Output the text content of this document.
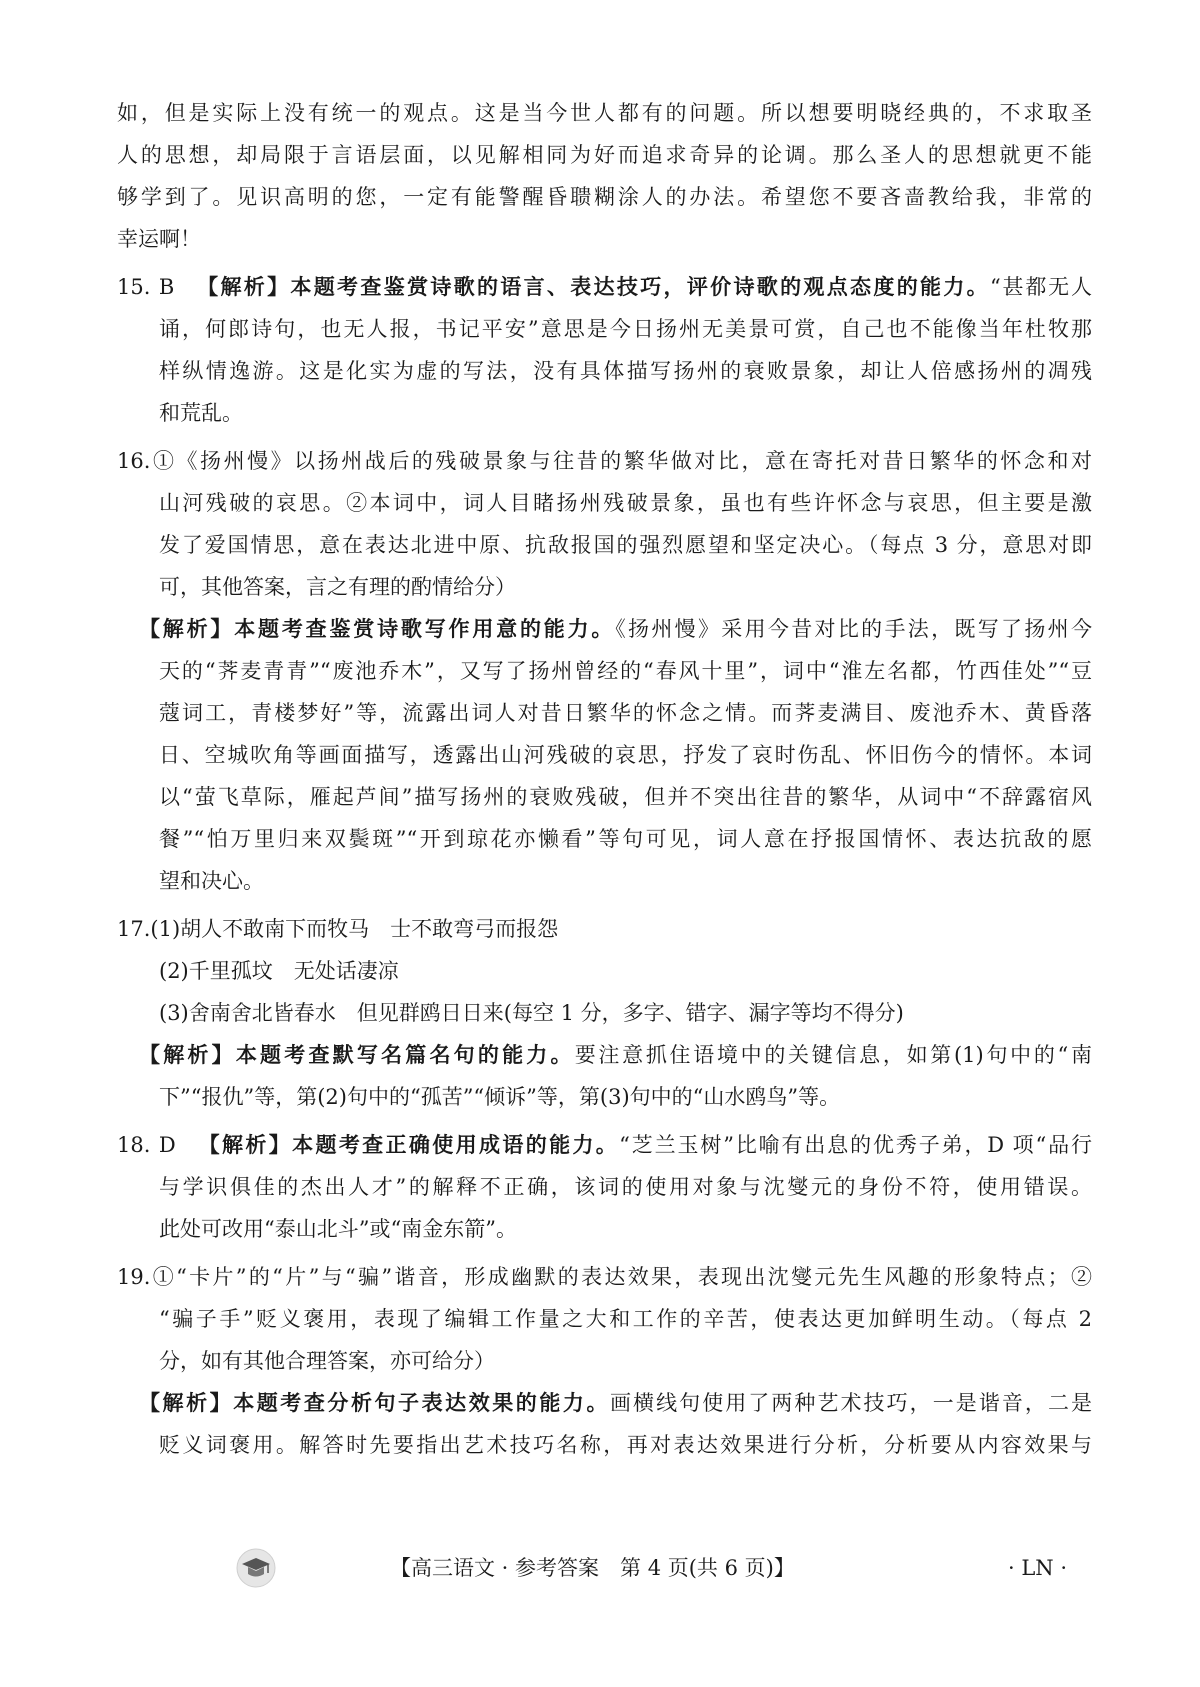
如，但是实际上没有统一的观点。这是当今世人都有的问题。所以想要明晓经典的，不求取圣
人的思想，却局限于言语层面，以见解相同为好而追求奇异的论调。那么圣人的思想就更不能
够学到了。见识高明的您，一定有能警醒昏聩糊涂人的办法。希望您不要吝啬教给我，非常的
幸运啊！
15. B  【解析】本题考查鉴赏诗歌的语言、表达技巧，评价诗歌的观点态度的能力。“甚都无人
诵，何郎诗句，也无人报，书记平安”意思是今日扬州无美景可赏，自己也不能像当年杜牧那
样纵情逸游。这是化实为虚的写法，没有具体描写扬州的衰败景象，却让人倍感扬州的凋残
和荒乱。
16.①《扬州慢》以扬州战后的残破景象与往昔的繁华做对比，意在寄托对昔日繁华的怀念和对
山河残破的哀思。②本词中，词人目睹扬州残破景象，虽也有些许怀念与哀思，但主要是激
发了爱国情思，意在表达北进中原、抗敌报国的强烈愿望和坚定决心。（每点 3 分，意思对即
可，其他答案，言之有理的酌情给分）
【解析】本题考查鉴赏诗歌写作用意的能力。《扬州慢》采用今昔对比的手法，既写了扬州今
天的“荠麦青青”“废池乔木”，又写了扬州曾经的“春风十里”，词中“淮左名都，竹西佳处”“豆
蔻词工，青楼梦好”等，流露出词人对昔日繁华的怀念之情。而荠麦满目、废池乔木、黄昏落
日、空城吹角等画面描写，透露出山河残破的哀思，抒发了哀时伤乱、怀旧伤今的情怀。本词
以“萤飞草际，雁起芦间”描写扬州的衰败残破，但并不突出往昔的繁华，从词中“不辞露宿风
餐”“怕万里归来双鬓斑”“开到琼花亦懒看”等句可见，词人意在抒报国情怀、表达抗敌的愿
望和决心。
17.(1)胡人不敢南下而牧马　士不敢弯弓而报怨
(2)千里孤坟　无处话凄凉
(3)舍南舍北皆春水　但见群鸥日日来(每空 1 分，多字、错字、漏字等均不得分)
【解析】本题考查默写名篇名句的能力。要注意抓住语境中的关键信息，如第(1)句中的“南
下”“报仇”等，第(2)句中的“孤苦”“倾诉”等，第(3)句中的“山水鸥鸟”等。
18. D  【解析】本题考查正确使用成语的能力。“芝兰玉树”比喻有出息的优秀子弟，D 项“品行
与学识俱佳的杰出人才”的解释不正确，该词的使用对象与沈燮元的身份不符，使用错误。
此处可改用“泰山北斗”或“南金东箭”。
19.①“卡片”的“片”与“骗”谐音，形成幽默的表达效果，表现出沈燮元先生风趣的形象特点；②
“骗子手”贬义褒用，表现了编辑工作量之大和工作的辛苦，使表达更加鲜明生动。（每点 2
分，如有其他合理答案，亦可给分）
【解析】本题考查分析句子表达效果的能力。画横线句使用了两种艺术技巧，一是谐音，二是
贬义词褒用。解答时先要指出艺术技巧名称，再对表达效果进行分析，分析要从内容效果与
【高三语文 · 参考答案　第 4 页(共 6 页)】	· LN ·
